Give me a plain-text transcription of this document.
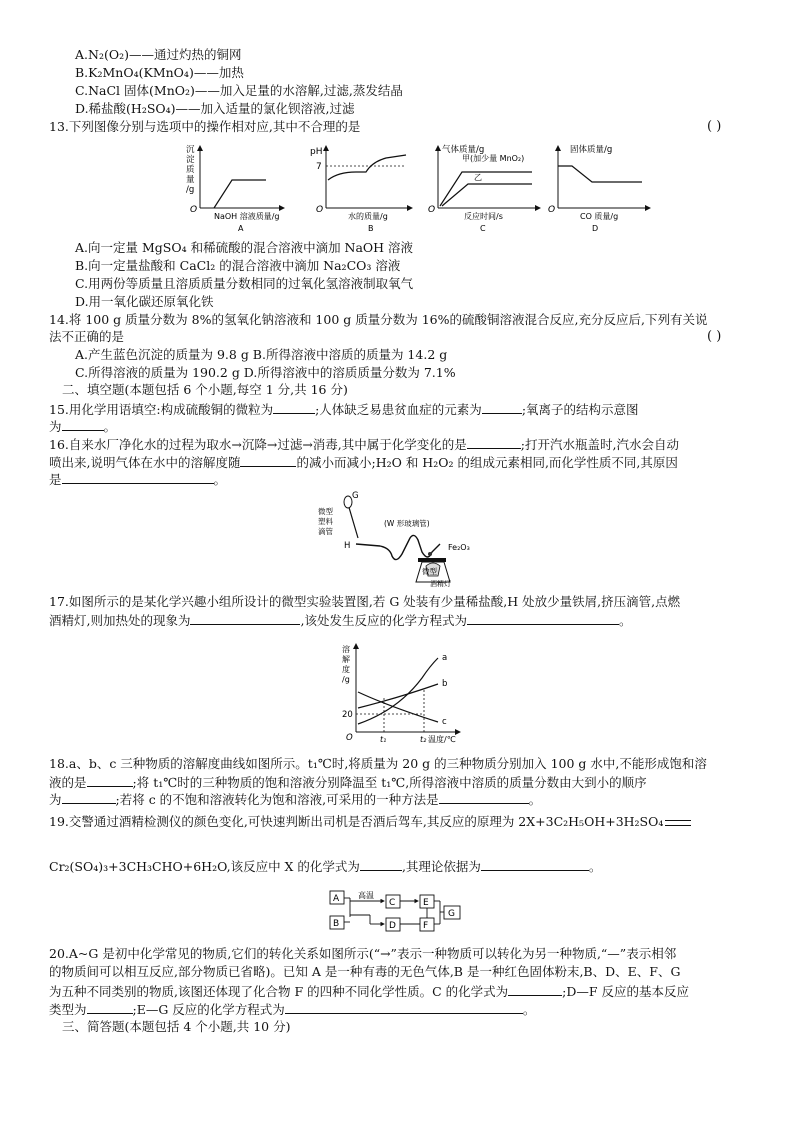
A.N₂(O₂)——通过灼热的铜网
B.K₂MnO₄(KMnO₄)——加热
C.NaCl 固体(MnO₂)——加入足量的水溶解,过滤,蒸发结晶
D.稀盐酸(H₂SO₄)——加入适量的氯化钡溶液,过滤
13.下列图像分别与选项中的操作相对应,其中不合理的是	( )
沉
淀
质
量
/g
O
NaOH 溶液质量/g
A
pH
7
O
水的质量/g
B
气体质量/g
甲(加少量 MnO₂)
乙
O
反应时间/s
C
固体质量/g
O
CO 质量/g
D
A.向一定量 MgSO₄ 和稀硫酸的混合溶液中滴加 NaOH 溶液
B.向一定量盐酸和 CaCl₂ 的混合溶液中滴加 Na₂CO₃ 溶液
C.用两份等质量且溶质质量分数相同的过氧化氢溶液制取氧气
D.用一氧化碳还原氧化铁
14.将 100 g 质量分数为 8%的氢氧化钠溶液和 100 g 质量分数为 16%的硫酸铜溶液混合反应,充分反应后,下列有关说
法不正确的是	( )
A.产生蓝色沉淀的质量为 9.8 g B.所得溶液中溶质的质量为 14.2 g
C.所得溶液的质量为 190.2 g D.所得溶液中的溶质质量分数为 7.1%
二、填空题(本题包括 6 个小题,每空 1 分,共 16 分)
15.用化学用语填空:构成硫酸铜的微粒为	;人体缺乏易患贫血症的元素为	;氧离子的结构示意图
为	。
16.自来水厂净化水的过程为取水→沉降→过滤→消毒,其中属于化学变化的是	;打开汽水瓶盖时,汽水会自动
喷出来,说明气体在水中的溶解度随	的减小而减小;H₂O 和 H₂O₂ 的组成元素相同,而化学性质不同,其原因
是	。
G
微型
塑料
滴管
(W 形玻璃管)
H	Fe₂O₃
微型
酒精灯
17.如图所示的是某化学兴趣小组所设计的微型实验装置图,若 G 处装有少量稀盐酸,H 处放少量铁屑,挤压滴管,点燃
酒精灯,则加热处的现象为	,该处发生反应的化学方程式为	。
溶
解
度
/g
20
O	t₁	t₂ 温度/℃
a
b
c
18.a、b、c 三种物质的溶解度曲线如图所示。t₁℃时,将质量为 20 g 的三种物质分别加入 100 g 水中,不能形成饱和溶
液的是	;将 t₁℃时的三种物质的饱和溶液分别降温至 t₁℃,所得溶液中溶质的质量分数由大到小的顺序
为	;若将 c 的不饱和溶液转化为饱和溶液,可采用的一种方法是	。
19.交警通过酒精检测仪的颜色变化,可快速判断出司机是否酒后驾车,其反应的原理为 2X+3C₂H₅OH+3H₂SO₄
Cr₂(SO₄)₃+3CH₃CHO+6H₂O,该反应中 X 的化学式为	,其理论依据为	。
A
B
C
D
E
F
G
高温
20.A~G 是初中化学常见的物质,它们的转化关系如图所示(“→”表示一种物质可以转化为另一种物质,“—”表示相邻
的物质间可以相互反应,部分物质已省略)。已知 A 是一种有毒的无色气体,B 是一种红色固体粉末,B、D、E、F、G
为五种不同类别的物质,该图还体现了化合物 F 的四种不同化学性质。C 的化学式为	;D—F 反应的基本反应
类型为	;E—G 反应的化学方程式为	。
三、简答题(本题包括 4 个小题,共 10 分)
